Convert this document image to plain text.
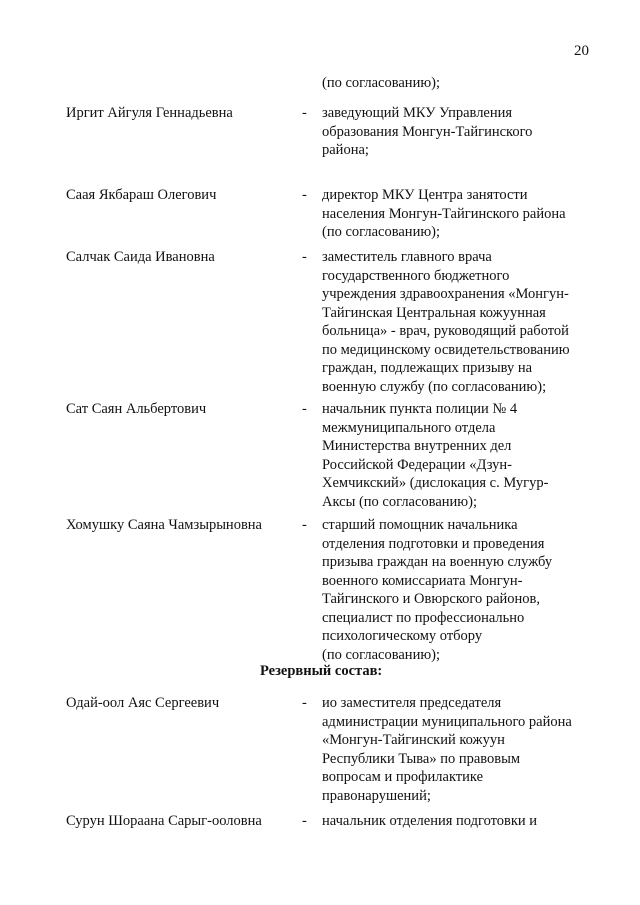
20
(по согласованию);
Иргит Айгуля Геннадьевна	- заведующий МКУ Управления
образования Монгун-Тайгинского
района;
Саая Якбараш Олегович	- директор МКУ Центра занятости
населения Монгун-Тайгинского района
(по согласованию);
Салчак Саида Ивановна	- заместитель главного врача
государственного бюджетного
учреждения здравоохранения «Монгун-
Тайгинская Центральная кожуунная
больница» - врач, руководящий работой
по медицинскому освидетельствованию
граждан, подлежащих призыву на
военную службу (по согласованию);
Сат Саян Альбертович	- начальник пункта полиции № 4
межмуниципального отдела
Министерства внутренних дел
Российской Федерации «Дзун-
Хемчикский» (дислокация с. Мугур-
Аксы (по согласованию);
Хомушку Саяна Чамзырыновна	- старший помощник начальника
отделения подготовки и проведения
призыва граждан на военную службу
военного комиссариата Монгун-
Тайгинского и Овюрского районов,
специалист по профессионально
психологическому отбору
(по согласованию);
Резервный состав:
Одай-оол Аяс Сергеевич	- ио заместителя председателя
администрации муниципального района
«Монгун-Тайгинский кожуун
Республики Тыва» по правовым
вопросам и профилактике
правонарушений;
Сурун Шораана Сарыг-ооловна	- начальник отделения подготовки и
